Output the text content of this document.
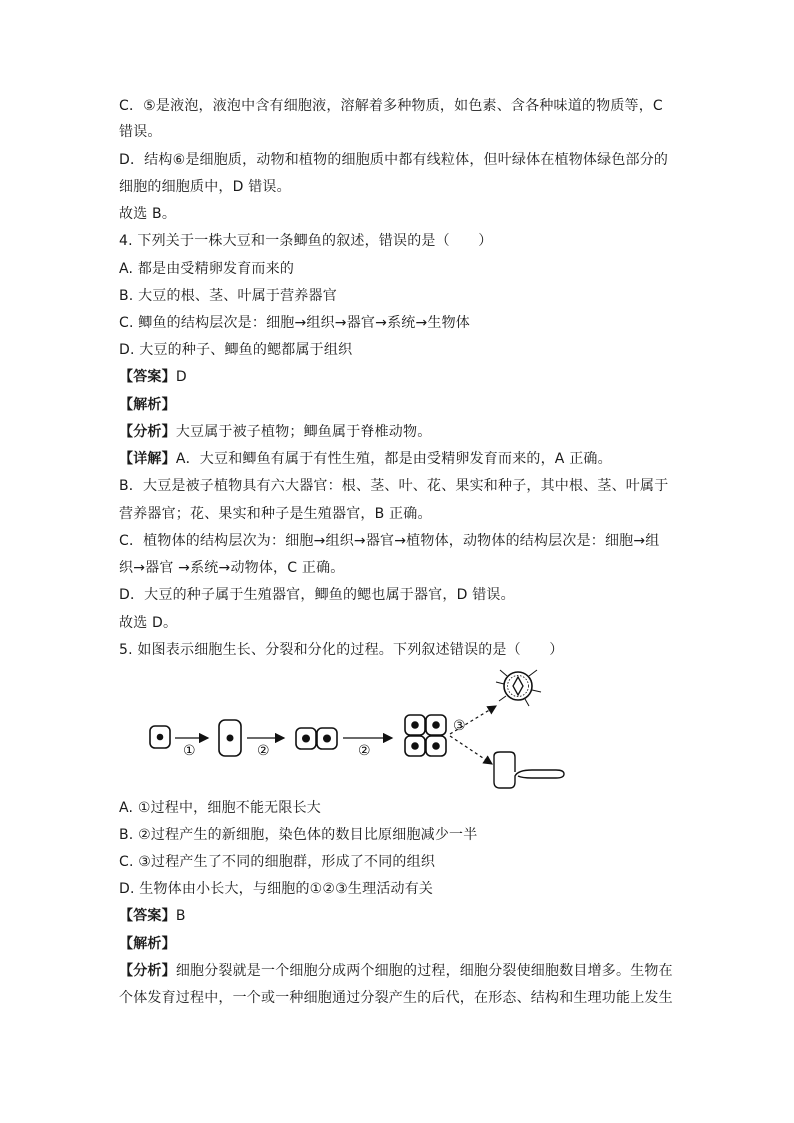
C．⑤是液泡，液泡中含有细胞液，溶解着多种物质，如色素、含各种味道的物质等，C
错误。
D．结构⑥是细胞质，动物和植物的细胞质中都有线粒体，但叶绿体在植物体绿色部分的
细胞的细胞质中，D 错误。
故选 B。
4. 下列关于一株大豆和一条鲫鱼的叙述，错误的是（　　）
A. 都是由受精卵发育而来的
B. 大豆的根、茎、叶属于营养器官
C. 鲫鱼的结构层次是：细胞→组织→器官→系统→生物体
D. 大豆的种子、鲫鱼的鳃都属于组织
【答案】D
【解析】
【分析】大豆属于被子植物；鲫鱼属于脊椎动物。
【详解】A．大豆和鲫鱼有属于有性生殖，都是由受精卵发育而来的，A 正确。
B．大豆是被子植物具有六大器官：根、茎、叶、花、果实和种子，其中根、茎、叶属于
营养器官；花、果实和种子是生殖器官，B 正确。
C．植物体的结构层次为：细胞→组织→器官→植物体，动物体的结构层次是：细胞→组
织→器官 →系统→动物体，C 正确。
D．大豆的种子属于生殖器官，鲫鱼的鳃也属于器官，D 错误。
故选 D。
5. 如图表示细胞生长、分裂和分化的过程。下列叙述错误的是（　　）
①	②	②
③
A. ①过程中，细胞不能无限长大
B. ②过程产生的新细胞，染色体的数目比原细胞减少一半
C. ③过程产生了不同的细胞群，形成了不同的组织
D. 生物体由小长大，与细胞的①②③生理活动有关
【答案】B
【解析】
【分析】细胞分裂就是一个细胞分成两个细胞的过程，细胞分裂使细胞数目增多。生物在
个体发育过程中，一个或一种细胞通过分裂产生的后代，在形态、结构和生理功能上发生
